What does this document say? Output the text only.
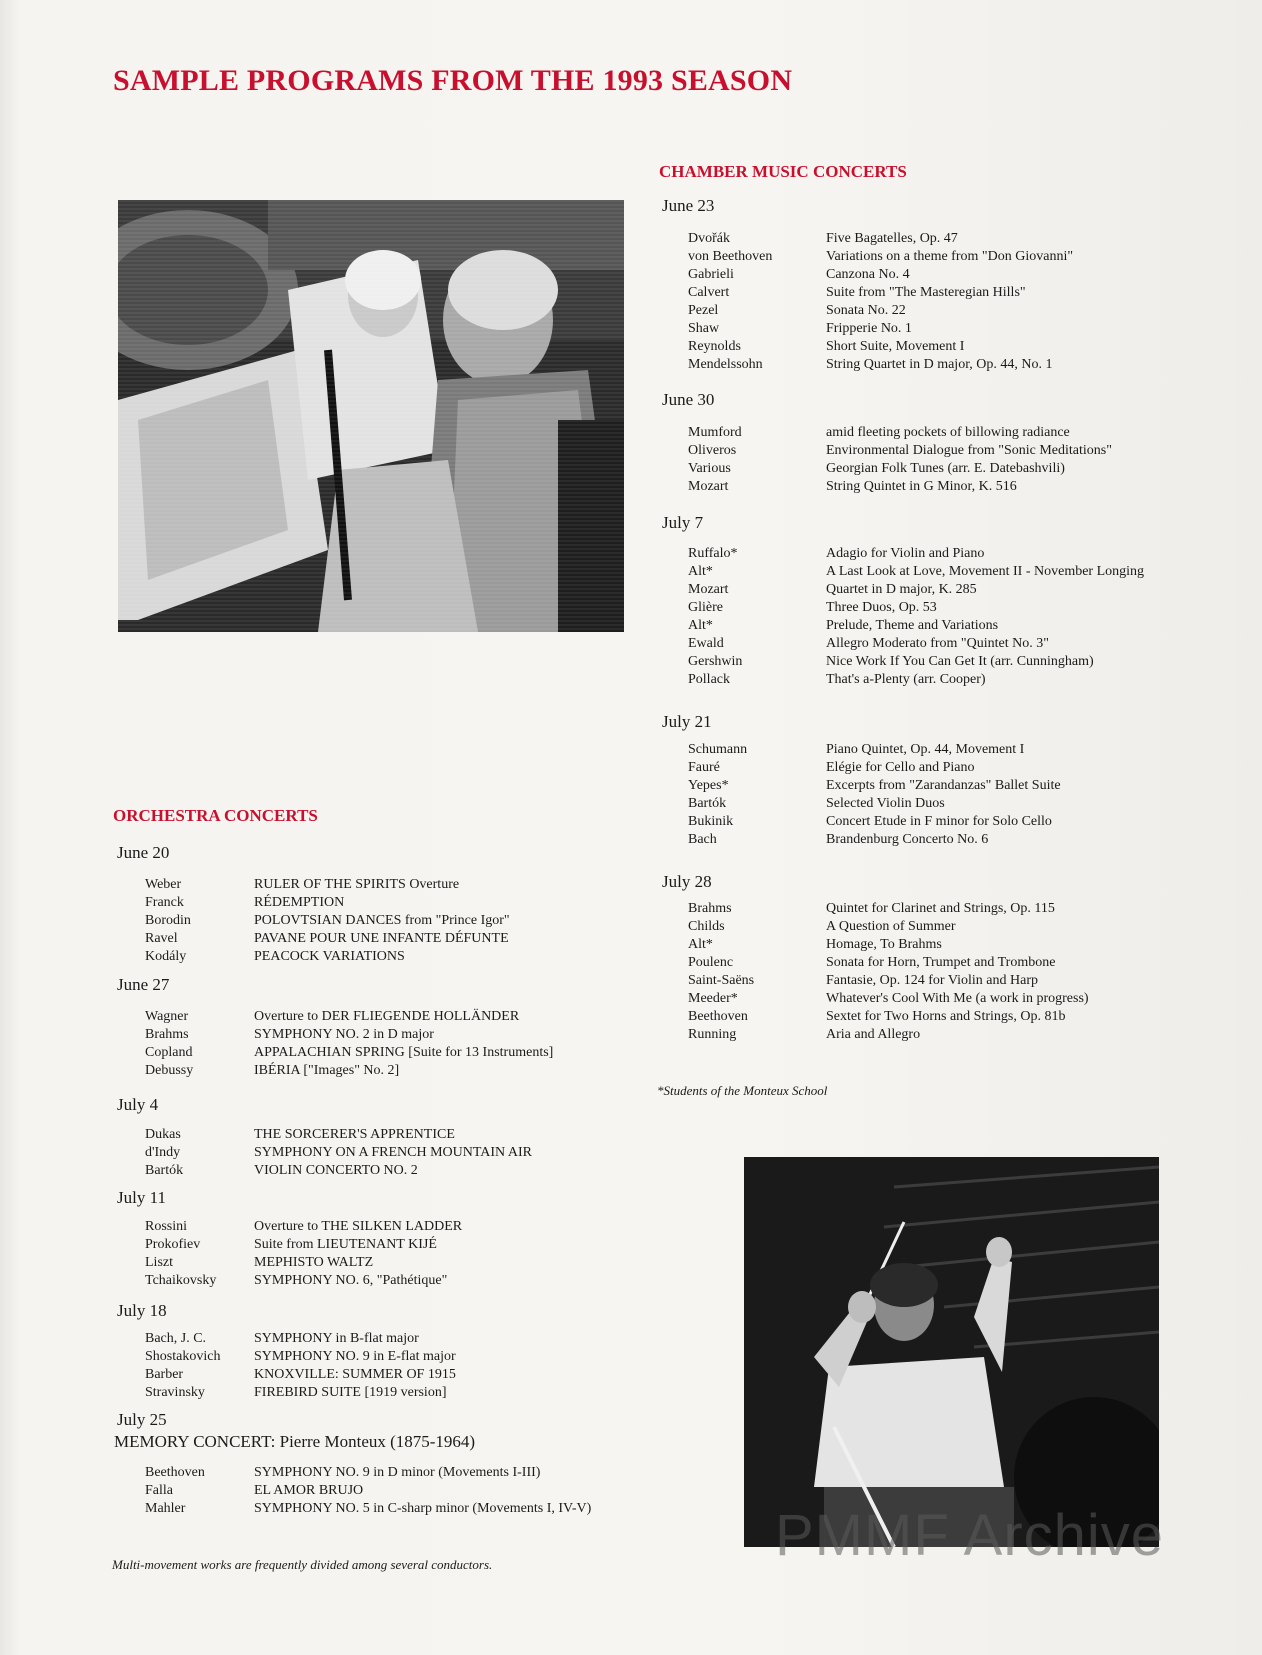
SAMPLE PROGRAMS FROM THE 1993 SEASON
CHAMBER MUSIC CONCERTS
June 23
Dvořák	Five Bagatelles, Op. 47
von Beethoven	Variations on a theme from "Don Giovanni"
Gabrieli	Canzona No. 4
Calvert	Suite from "The Masteregian Hills"
Pezel	Sonata No. 22
Shaw	Fripperie No. 1
Reynolds	Short Suite, Movement I
Mendelssohn	String Quartet in D major, Op. 44, No. 1
June 30
Mumford	amid fleeting pockets of billowing radiance
Oliveros	Environmental Dialogue from "Sonic Meditations"
Various	Georgian Folk Tunes (arr. E. Datebashvili)
Mozart	String Quintet in G Minor, K. 516
July 7
Ruffalo*	Adagio for Violin and Piano
Alt*	A Last Look at Love, Movement II - November Longing
Mozart	Quartet in D major, K. 285
Glière	Three Duos, Op. 53
Alt*	Prelude, Theme and Variations
Ewald	Allegro Moderato from "Quintet No. 3"
Gershwin	Nice Work If You Can Get It (arr. Cunningham)
Pollack	That's a-Plenty (arr. Cooper)
July 21
Schumann	Piano Quintet, Op. 44, Movement I
Fauré	Elégie for Cello and Piano
Yepes*	Excerpts from "Zarandanzas" Ballet Suite
Bartók	Selected Violin Duos
Bukinik	Concert Etude in F minor for Solo Cello
Bach	Brandenburg Concerto No. 6
July 28
Brahms	Quintet for Clarinet and Strings, Op. 115
Childs	A Question of Summer
Alt*	Homage, To Brahms
Poulenc	Sonata for Horn, Trumpet and Trombone
Saint-Saëns	Fantasie, Op. 124 for Violin and Harp
Meeder*	Whatever's Cool With Me (a work in progress)
Beethoven	Sextet for Two Horns and Strings, Op. 81b
Running	Aria and Allegro
*Students of the Monteux School
ORCHESTRA CONCERTS
June 20
Weber	RULER OF THE SPIRITS Overture
Franck	RÉDEMPTION
Borodin	POLOVTSIAN DANCES from "Prince Igor"
Ravel	PAVANE POUR UNE INFANTE DÉFUNTE
Kodály	PEACOCK VARIATIONS
June 27
Wagner	Overture to DER FLIEGENDE HOLLÄNDER
Brahms	SYMPHONY NO. 2 in D major
Copland	APPALACHIAN SPRING [Suite for 13 Instruments]
Debussy	IBÉRIA ["Images" No. 2]
July 4
Dukas	THE SORCERER'S APPRENTICE
d'Indy	SYMPHONY ON A FRENCH MOUNTAIN AIR
Bartók	VIOLIN CONCERTO NO. 2
July 11
Rossini	Overture to THE SILKEN LADDER
Prokofiev	Suite from LIEUTENANT KIJÉ
Liszt	MEPHISTO WALTZ
Tchaikovsky	SYMPHONY NO. 6, "Pathétique"
July 18
Bach, J. C.	SYMPHONY in B-flat major
Shostakovich SYMPHONY NO. 9 in E-flat major
Barber	KNOXVILLE: SUMMER OF 1915
Stravinsky	FIREBIRD SUITE [1919 version]
July 25
MEMORY CONCERT: Pierre Monteux (1875-1964)
Beethoven	SYMPHONY NO. 9 in D minor (Movements I-III)
Falla	EL AMOR BRUJO
Mahler	SYMPHONY NO. 5 in C-sharp minor (Movements I, IV-V)
Multi-movement works are frequently divided among several conductors.	PMMF Archive
